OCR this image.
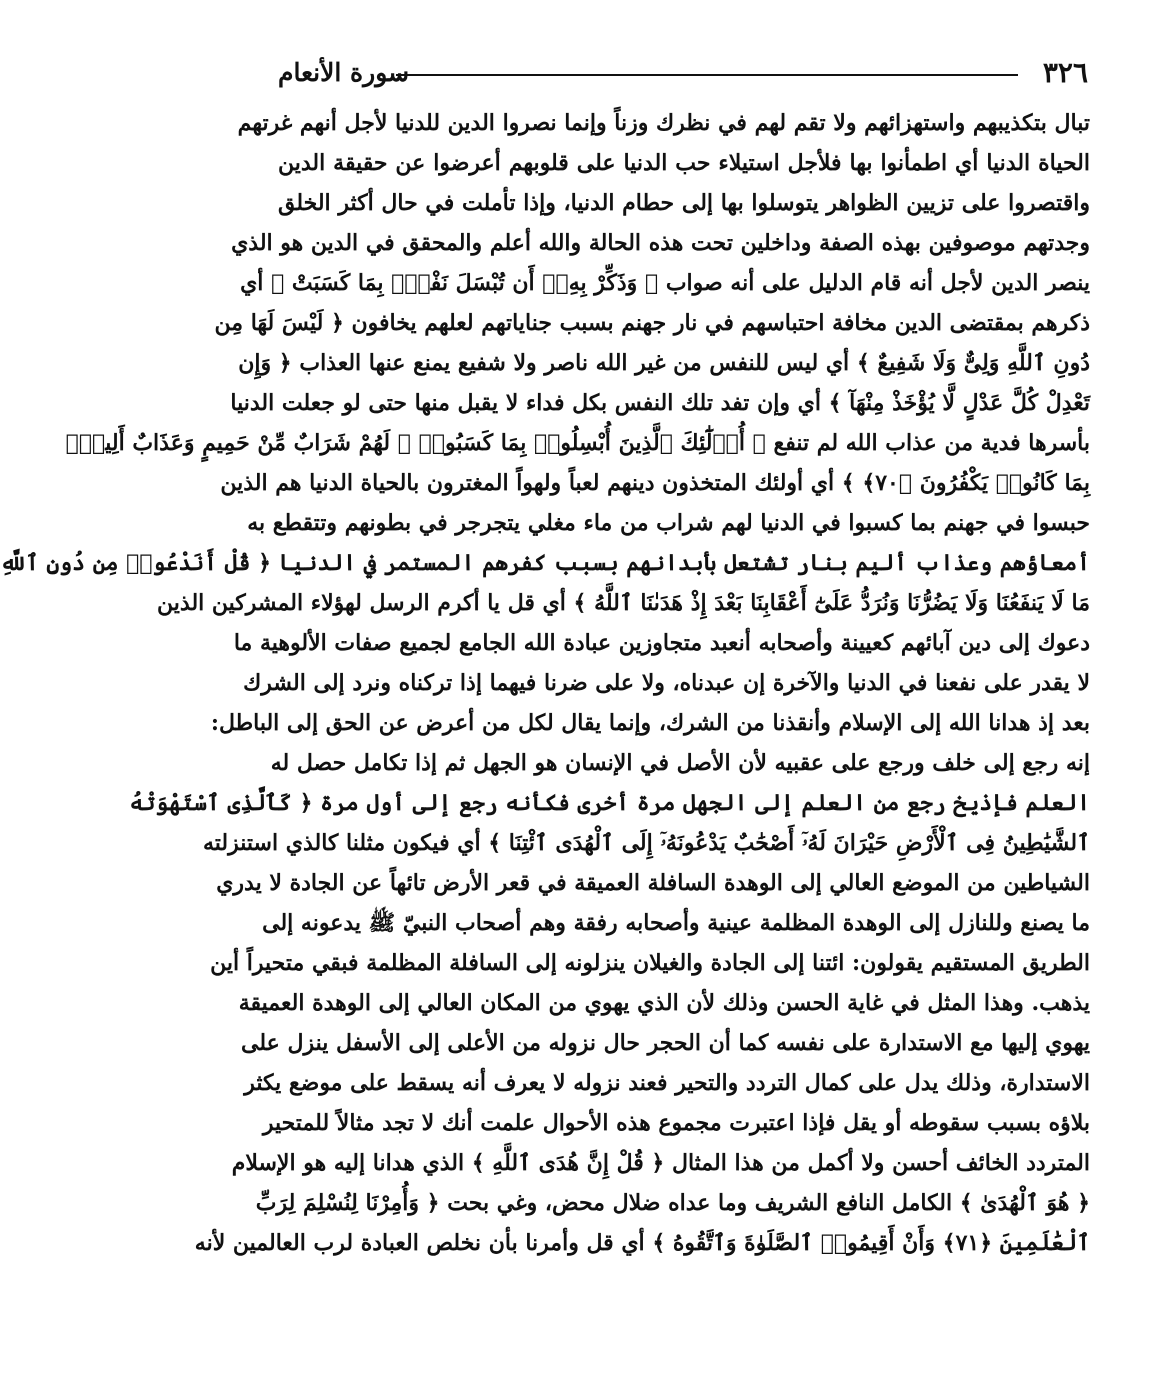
٣٢٦
سورة الأنعام
تبال بتكذيبهم واستهزائهم ولا تقم لهم في نظرك وزناً وإنما نصروا الدين للدنيا لأجل أنهم غرتهم
الحياة الدنيا أي اطمأنوا بها فلأجل استيلاء حب الدنيا على قلوبهم أعرضوا عن حقيقة الدين
واقتصروا على تزيين الظواهر يتوسلوا بها إلى حطام الدنيا، وإذا تأملت في حال أكثر الخلق
وجدتهم موصوفين بهذه الصفة وداخلين تحت هذه الحالة والله أعلم والمحقق في الدين هو الذي
ينصر الدين لأجل أنه قام الدليل على أنه صواب ﴿ وَذَكِّرْ بِهِۦٓ أَن تُبْسَلَ نَفْسٌۢ بِمَا كَسَبَتْ ﴾ أي
ذكرهم بمقتضى الدين مخافة احتباسهم في نار جهنم بسبب جناياتهم لعلهم يخافون ﴿ لَيْسَ لَهَا مِن
دُونِ ٱللَّهِ وَلِىٌّ وَلَا شَفِيعٌ ﴾ أي ليس للنفس من غير الله ناصر ولا شفيع يمنع عنها العذاب ﴿ وَإِن
تَعْدِلْ كُلَّ عَدْلٍ لَّا يُؤْخَذْ مِنْهَآ ﴾ أي وإن تفد تلك النفس بكل فداء لا يقبل منها حتى لو جعلت الدنيا
بأسرها فدية من عذاب الله لم تنفع ﴿ أُو۟لَٰٓئِكَ ٱلَّذِينَ أُبْسِلُوا۟ بِمَا كَسَبُوا۟ ۖ لَهُمْ شَرَابٌ مِّنْ حَمِيمٍ وَعَذَابٌ أَلِيمٌۢ
بِمَا كَانُوا۟ يَكْفُرُونَ ﴿٧٠﴾ ﴾ أي أولئك المتخذون دينهم لعباً ولهواً المغترون بالحياة الدنيا هم الذين
حبسوا في جهنم بما كسبوا في الدنيا لهم شراب من ماء مغلي يتجرجر في بطونهم وتتقطع به
أمعاؤهم وعذاب أليم بنار تشتعل بأبدانهم بسبب كفرهم المستمر في الدنيا ﴿ قُلْ أَنَدْعُوا۟ مِن دُونِ ٱللَّهِ
مَا لَا يَنفَعُنَا وَلَا يَضُرُّنَا وَنُرَدُّ عَلَىٰٓ أَعْقَابِنَا بَعْدَ إِذْ هَدَىٰنَا ٱللَّهُ ﴾ أي قل يا أكرم الرسل لهؤلاء المشركين الذين
دعوك إلى دين آبائهم كعيينة وأصحابه أنعبد متجاوزين عبادة الله الجامع لجميع صفات الألوهية ما
لا يقدر على نفعنا في الدنيا والآخرة إن عبدناه، ولا على ضرنا فيهما إذا تركناه ونرد إلى الشرك
بعد إذ هدانا الله إلى الإسلام وأنقذنا من الشرك، وإنما يقال لكل من أعرض عن الحق إلى الباطل:
إنه رجع إلى خلف ورجع على عقبيه لأن الأصل في الإنسان هو الجهل ثم إذا تكامل حصل له
العلم فإذيخ رجع من العلم إلى الجهل مرة أخرى فكأنه رجع إلى أول مرة ﴿ كَٱلَّذِى ٱسْتَهْوَتْهُ
ٱلشَّيَٰطِينُ فِى ٱلْأَرْضِ حَيْرَانَ لَهُۥٓ أَصْحَٰبٌ يَدْعُونَهُۥٓ إِلَى ٱلْهُدَى ٱئْتِنَا ﴾ أي فيكون مثلنا كالذي استنزلته
الشياطين من الموضع العالي إلى الوهدة السافلة العميقة في قعر الأرض تائهاً عن الجادة لا يدري
ما يصنع وللنازل إلى الوهدة المظلمة عينية وأصحابه رفقة وهم أصحاب النبيّ ﷺ يدعونه إلى
الطريق المستقيم يقولون: ائتنا إلى الجادة والغيلان ينزلونه إلى السافلة المظلمة فبقي متحيراً أين
يذهب. وهذا المثل في غاية الحسن وذلك لأن الذي يهوي من المكان العالي إلى الوهدة العميقة
يهوي إليها مع الاستدارة على نفسه كما أن الحجر حال نزوله من الأعلى إلى الأسفل ينزل على
الاستدارة، وذلك يدل على كمال التردد والتحير فعند نزوله لا يعرف أنه يسقط على موضع يكثر
بلاؤه بسبب سقوطه أو يقل فإذا اعتبرت مجموع هذه الأحوال علمت أنك لا تجد مثالاً للمتحير
المتردد الخائف أحسن ولا أكمل من هذا المثال ﴿ قُلْ إِنَّ هُدَى ٱللَّهِ ﴾ الذي هدانا إليه هو الإسلام
﴿ هُوَ ٱلْهُدَىٰ ﴾ الكامل النافع الشريف وما عداه ضلال محض، وغي بحت ﴿ وَأُمِرْنَا لِنُسْلِمَ لِرَبِّ
ٱلْعَٰلَمِينَ ﴿٧١﴾ وَأَنْ أَقِيمُوا۟ ٱلصَّلَوٰةَ وَٱتَّقُوهُ ﴾ أي قل وأمرنا بأن نخلص العبادة لرب العالمين لأنه
